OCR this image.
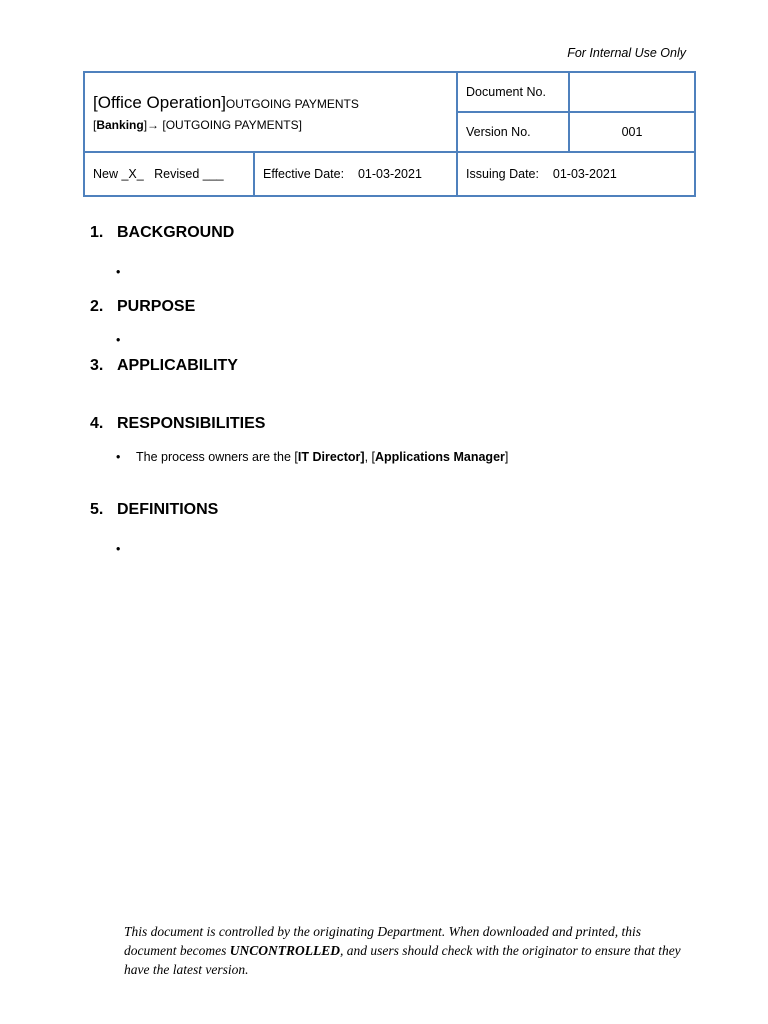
For Internal Use Only
[Office Operation]OUTGOING PAYMENTS
[Banking]→ [OUTGOING PAYMENTS]		Document No.	
		Version No.	001
New _X_   Revised ___	Effective Date: 01-03-2021	Issuing Date: 01-03-2021	
1. BACKGROUND
•
2. PURPOSE
•
3. APPLICABILITY
4. RESPONSIBILITIES
• The process owners are the [IT Director], [Applications Manager]
5. DEFINITIONS
•
This document is controlled by the originating Department. When downloaded and printed, this document becomes UNCONTROLLED, and users should check with the originator to ensure that they have the latest version.
